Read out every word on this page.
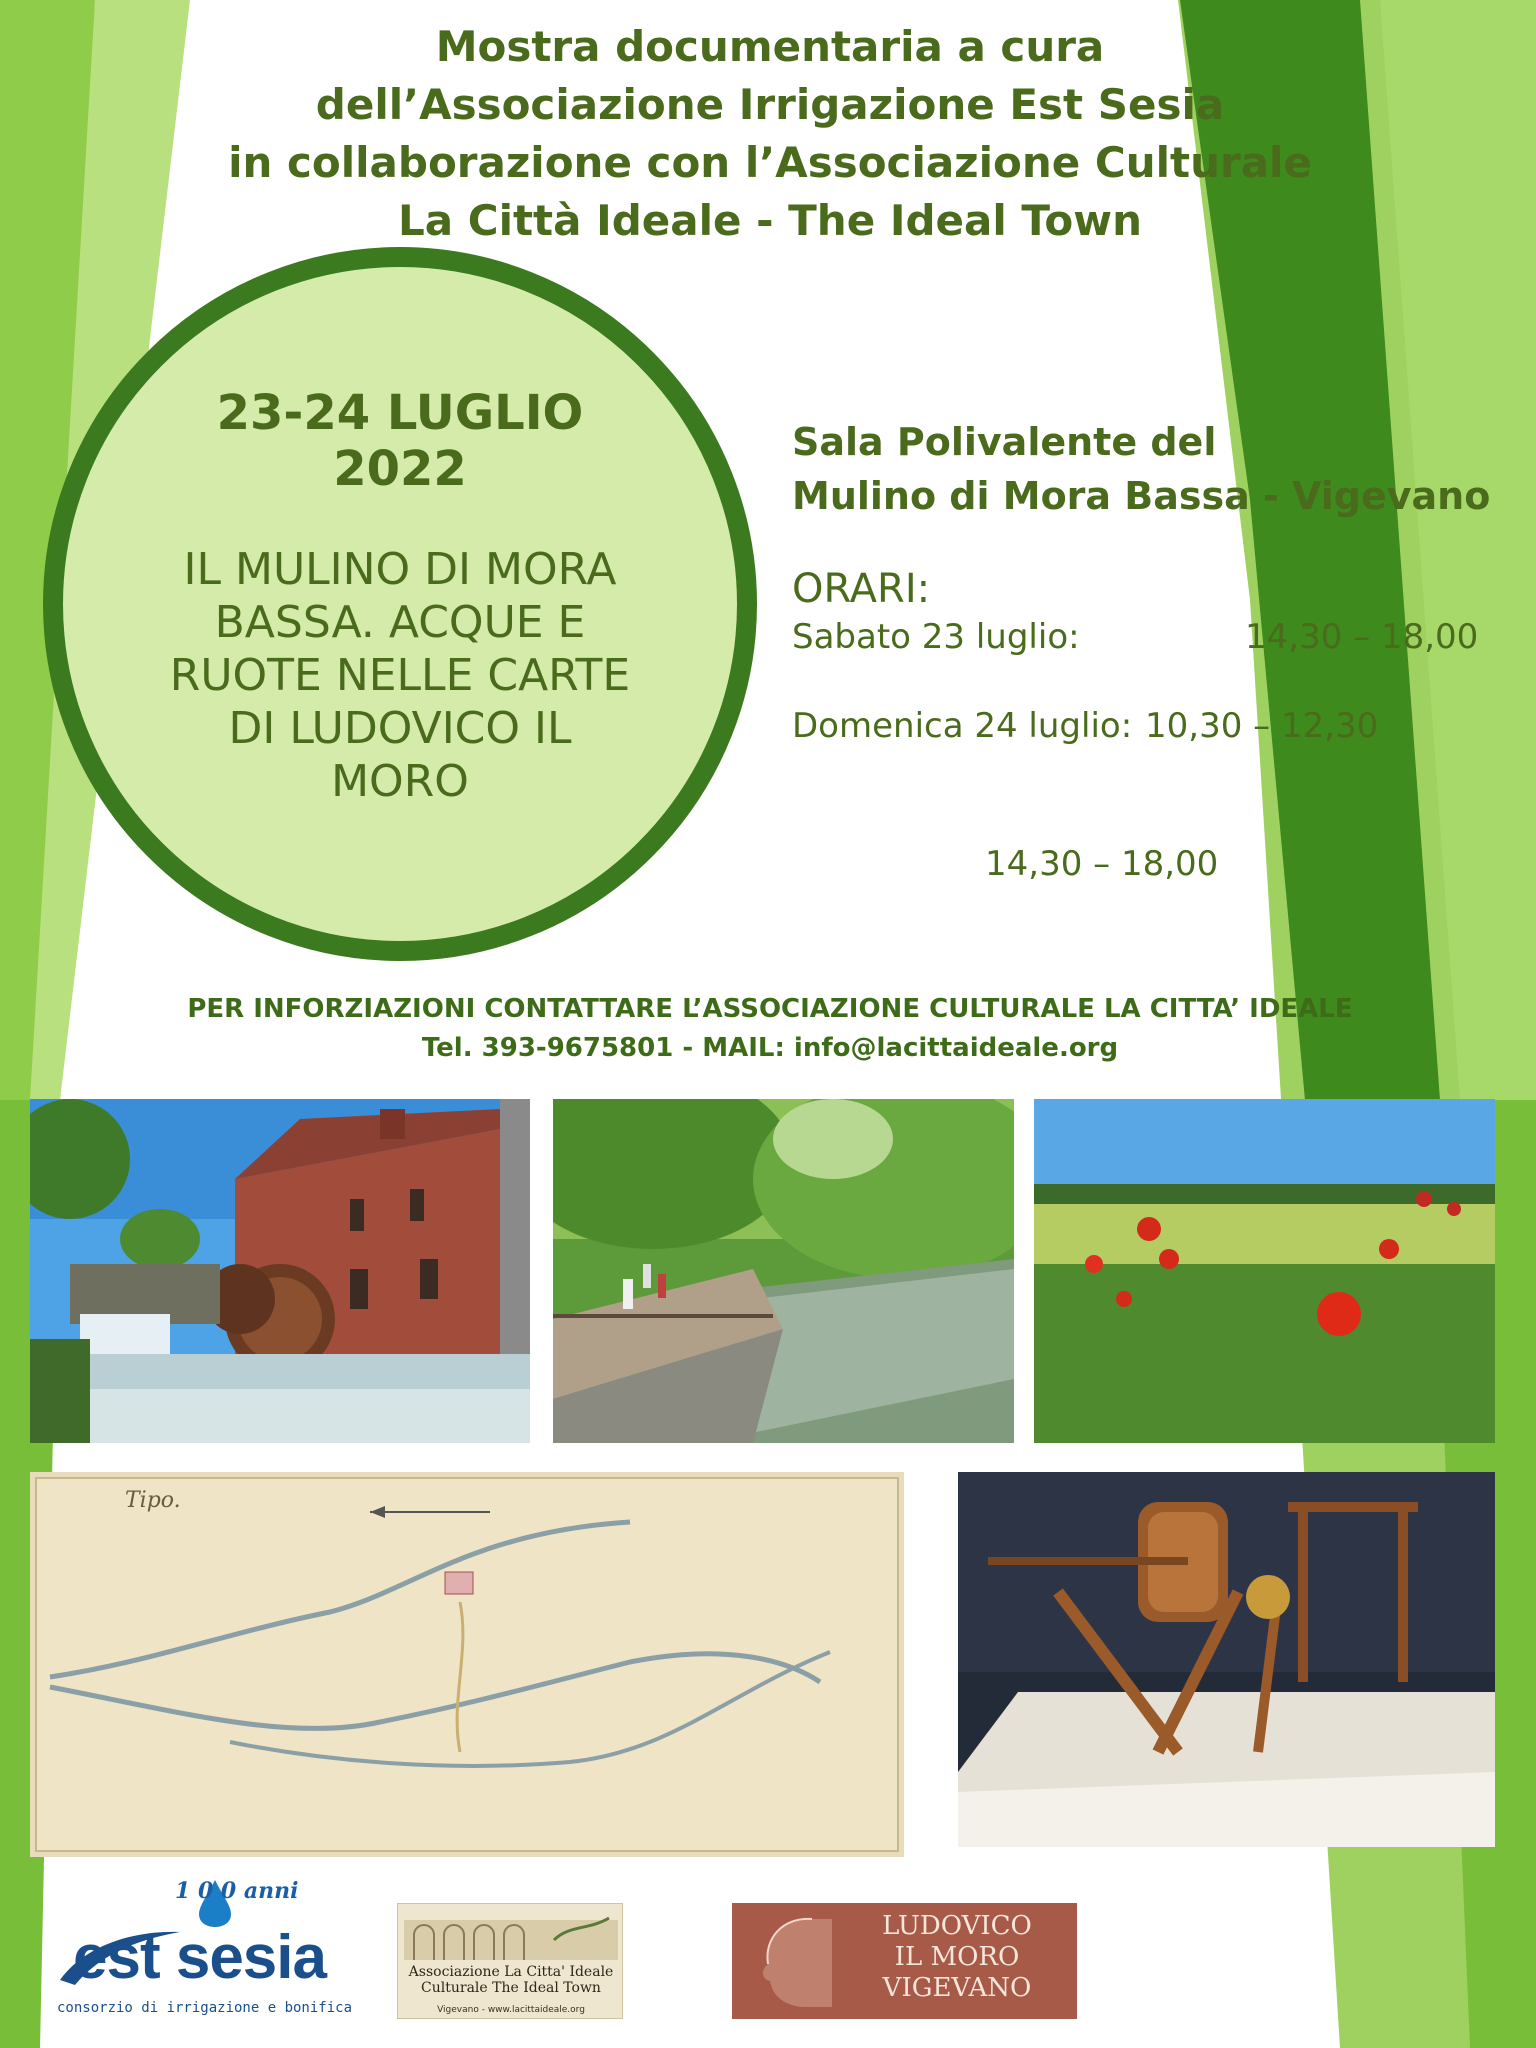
Mostra documentaria a cura
dell’Associazione Irrigazione Est Sesia
in collaborazione con l’Associazione Culturale
La Città Ideale - The Ideal Town
23-24 LUGLIO
2022
IL MULINO DI MORA
BASSA. ACQUE E
RUOTE NELLE CARTE
DI LUDOVICO IL
MORO
Sala Polivalente del
Mulino di Mora Bassa - Vigevano
ORARI:
Sabato 23 luglio:	14,30 – 18,00
Domenica 24 luglio: 10,30 – 12,30
14,30 – 18,00
PER INFORZIAZIONI CONTATTARE L’ASSOCIAZIONE CULTURALE LA CITTA’ IDEALE
Tel. 393-9675801 - MAIL: info@lacittaideale.org
Tipo.
1 0 0 anni
est sesia
consorzio di irrigazione e bonifica
Associazione La Citta' Ideale
Culturale The Ideal Town
Vigevano - www.lacittaideale.org
LUDOVICO
IL MORO
VIGEVANO
